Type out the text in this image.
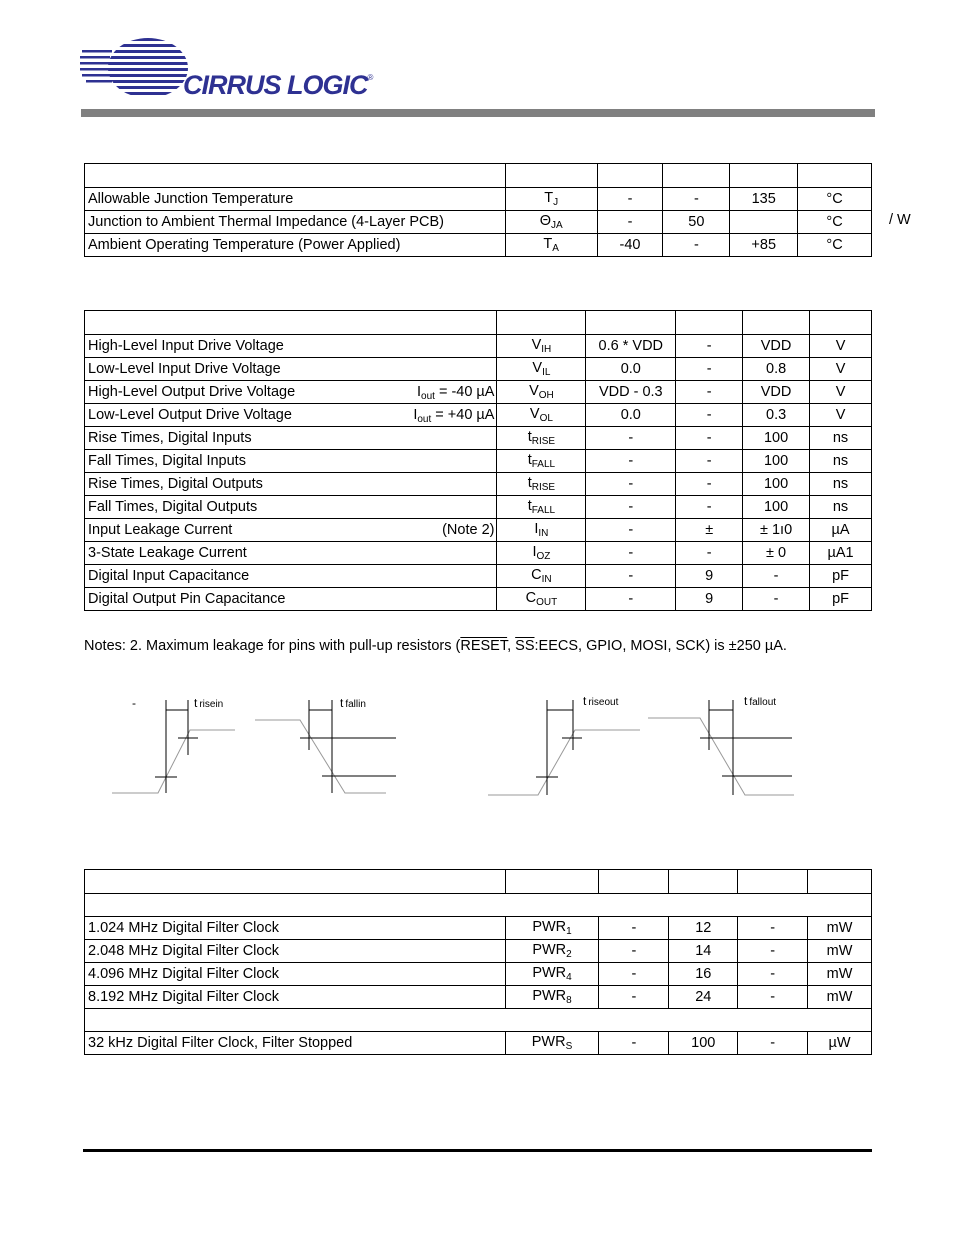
CIRRUS LOGIC®

Allowable Junction Temperature	$T_J$	-	-	135	°C
Junction to Ambient Thermal Impedance (4-Layer PCB)	$\Theta_{JA}$	-	50		°C
Ambient Operating Temperature (Power Applied)	$T_A$	-40	-	+85	°C
/ W

High-Level Input Drive Voltage	$V_{IH}$	0.6 * VDD	-	VDD	V
Low-Level Input Drive Voltage	$V_{IL}$	0.0	-	0.8	V
High-Level Output Drive Voltage $I_{out} = -40$ µA	$V_{OH}$	VDD - 0.3	-	VDD	V
Low-Level Output Drive Voltage $I_{out} = +40$ µA	$V_{OL}$	0.0	-	0.3	V
Rise Times, Digital Inputs	$t_{RISE}$	-	-	100	ns
Fall Times, Digital Inputs	$t_{FALL}$	-	-	100	ns
Rise Times, Digital Outputs	$t_{RISE}$	-	-	100	ns
Fall Times, Digital Outputs	$t_{FALL}$	-	-	100	ns
Input Leakage Current (Note 2)	$I_{IN}$	-	±	± 1ı0	µA
3-State Leakage Current	$I_{OZ}$	-	-	± 0	µA1
Digital Input Capacitance	$C_{IN}$	-	9	-	pF
Digital Output Pin Capacitance	$C_{OUT}$	-	9	-	pF
Notes: 2. Maximum leakage for pins with pull-up resistors (RESET, $\overline{SS}:EECS$, GPIO, MOSI, SCK) is ±250 µA.
-	t risein	t fallin	t riseout	t fallout

1.024 MHz Digital Filter Clock	$PWR_1$	-	12	-	mW
2.048 MHz Digital Filter Clock	$PWR_2$	-	14	-	mW
4.096 MHz Digital Filter Clock	$PWR_4$	-	16	-	mW
8.192 MHz Digital Filter Clock	$PWR_8$	-	24	-	mW

32 kHz Digital Filter Clock, Filter Stopped	$PWR_S$	-	100	-	µW
